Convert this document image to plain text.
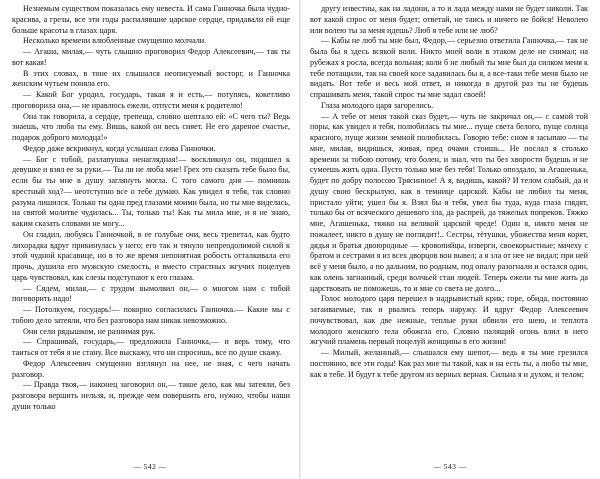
Незнемым существом показалась ему невеста. И сама Ганночка была чудно-красива, а грезы, все эти годы распалявшие царское сердце, придавали ей еще больше красоты в глазах царя.

Несколько времени влюбленные смущенно молчали.

— Агаша, милая,— чуть слышно проговорил Федор Алексеевич,— так ты вот какая!

В этих словах, в тоне их слышался неописуемый восторг, и Ганночка женским чутьем поняла его.

— Какой Бог уродил, государь, такая я и есть,— потупясь, кокетливо проговорила она,— не нравлюсь ежели, отпусти меня к родителю!

Она так говорила, а сердце, трепеща, словно шептало ей: «С чего ты? Ведь знаешь, что люба ты ему. Вишь, какой он весь сияет. Не его дареное счастье, подарок доброго молодца!»

Федор даже вскрикнул, когда услышал слова Ганночки.

— Бог с тобой, разлапушка ненаглядная!— воскликнул он, подошел к девушке и взял ее за руки.— Ты ли не люба мне! Грех это сказать тебе было бы, если бы ты мне в душу заглянуть могла. С того самого дня — помнишь крестный ход?— неотступно все о тебе думаю. Как увидел я тебя, так словно разума лишился. Только ты одна пред глазами моими была, но ты мне виделась, на святой молитве чудилась... Ты, только ты! Как ты мила мне, и я не знаю, каким сказать словами не могу...

Он гладил, любуясь Ганночкой, в ее голубые очи, весь трепетал, как будто лихорадка вдруг прикинулась у него; его так и тянуло непреодолимой силой к этой чудной красавице, но в то же время непонятная робость отталкивала его прочь, душила его мужскую смелость, и вместо страстных жгучих поцелуев царь чувствовал, как слезы подступают к его глазам.

— Сядем, милая,— с трудом вымолвил он,— о многом нам с тобой поговорить надо!

— Потолкуем, государь!— покорно согласилась Ганночка.— Какие мы с тобою дело затеяли, что без разговора нам никак невозможно.

Они сели рядышком, не разнимая рук.

— Спрашивай, государь,— предложила Ганночка,— и верь тому, что таиться от тебя я не стану. Все выскажу, что ни спросишь, все по душе скажу.

Федор Алексеевич смущенно взглянул на нее, не зная, с чего начать разговор.

— Правда твоя,— наконец заговорил он,— такое дело, как мы затеяли, без разговора вершить нельзя, и, прежде чем повершить его, нужно, чтобы наши души только

— 542 —

другу известны, как на ладони, а то и лада между нами не будет николи. Так вот какой спрос от меня будет; ответай, не таись и ничего не бойся! Неволею или волею ты за меня идешь? Люб я тебе или не люб?

— Кабы не люб ты мне был, Федор,— серьезно ответила Ганночка,— так не была бы я здесь всякой воли. Никто моей воли в этаком деле не снимал; на рубежах я росла, всегда вольная; коли б не любый ты мне был да силком меня к тебе потащили, так на своей косе задавилась бы я, а все-таки тебе меня было не видать. Вот тебе и весь мой ответ, и никогда в другой раз ты не будешь спрашивать меня, такой спрос ты мне задал своей!

Глаза молодого царя загорелись.

— А тебе от меня такой сказ будет,— чуть не закричал он,— с самой той поры, как увидел я тебя, полюбилась ты мне... пуще света белого, пуще солнца красного, пуще жизни земной полюбилась. Говорю тебе: сном я засыпаю — ты мне, милая, видишься, живая, пред очами стоишь... Не послал я столько времени за тобою потому, что болен, и знал, что ты без хворости будешь и не сумеешь жить одна. Пусто только мне без тебя! Только опоздало, за Агашенька, будет по добру полосою Трясинное! А я, видишь, какой? И телом слабый, да и душу свою бескрылую, как в темнице царской. Кабы не любил ты меня, пристало уйти; ушел бы я. Взял бы я тебя, увел бы туда, куда глаза глядят, только бы от всяческого дешевого зла, да распрей, да тяжелых попреков. Тяжко мне, Агашенька, тяжко на великой царской чреде! Один я, никто меня не пожалеет, никто в душу не поглядит!.. Сестры, тётушки, убожества меня корят, дядья и братья двоюродные — кровопийцы, изверги, своекорыстные; мачеху с братом и сестрами я из всех дворцов вон вывел; а я зла от нее не видал; при ней всё у меня было, а по дальним, по родным, под опалу разогнали и остался один, как олень загнанный, среди волчьей стаи людей. Теперь ежели ты мне жить да царствовать не поможешь, то и мне со света не долго...

Голос молодого царя перешел в надрывистый крик; горе, обида, постоянно затаиваемые, так и рвались теперь наружу. И вдруг Федор Алексеевич почувствовал, как две нежные, теплые руки обвили его шею, и теплота молодого женского тела обожгла его. Словно палящий огонь влил в него жгучий пламень первый поцелуй женщины в его жизни!

— Милый, желанный,— слышался ему шепот,— ведь я ты мне грезился постоянно, все эти годы! Как раз мне ты такой, как и на есть ты, а любо ты мне, как я тебе. И будут к тебе другом из верных верная. Сильна я и духом, и телом;

— 543 —
